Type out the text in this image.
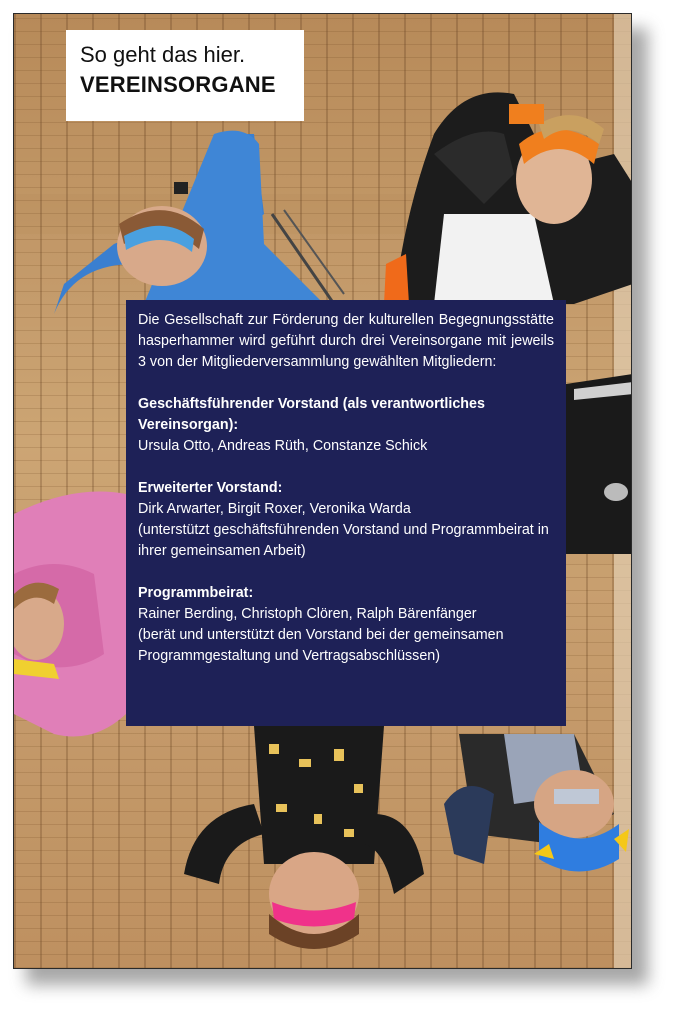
So geht das hier.
VEREINSORGANE

Die Gesellschaft zur Förderung der kulturellen Begegnungsstätte hasperhammer wird geführt durch drei Vereinsorgane mit jeweils 3 von der Mitgliederversammlung gewählten Mitgliedern:

Geschäftsführender Vorstand (als verantwortliches Vereinsorgan):
Ursula Otto, Andreas Rüth, Constanze Schick

Erweiterter Vorstand:
Dirk Arwarter, Birgit Roxer, Veronika Warda
(unterstützt geschäftsführenden Vorstand und Programmbeirat in ihrer gemeinsamen Arbeit)

Programmbeirat:
Rainer Berding, Christoph Clören, Ralph Bärenfänger
(berät und unterstützt den Vorstand bei der gemeinsamen Programmgestaltung und Vertragsabschlüssen)
